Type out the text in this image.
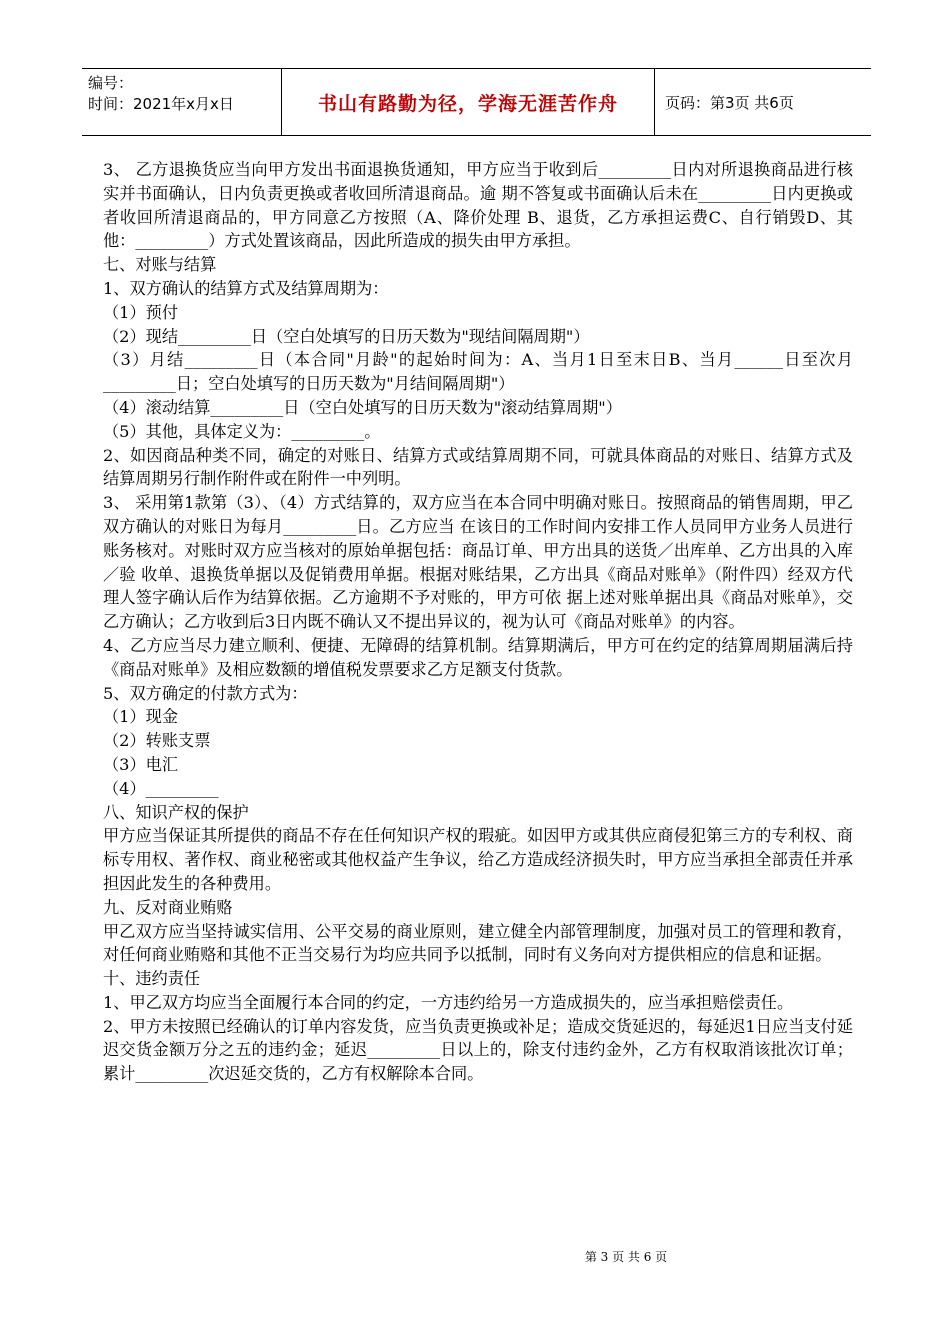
编号：
时间：2021年x月x日	书山有路勤为径，学海无涯苦作舟	页码：第3页 共6页

3、 乙方退换货应当向甲方发出书面退换货通知，甲方应当于收到后_________日内对所退换商品进行核实并书面确认，日内负责更换或者收回所清退商品。逾 期不答复或书面确认后未在_________日内更换或者收回所清退商品的，甲方同意乙方按照（A、降价处理 B、退货，乙方承担运费C、自行销毁D、其 他：_________）方式处置该商品，因此所造成的损失由甲方承担。

七、对账与结算

1、双方确认的结算方式及结算周期为：

（1）预付

（2）现结_________日（空白处填写的日历天数为"现结间隔周期"）

（3）月结_________日（本合同"月龄"的起始时间为：A、当月1日至末日B、当月______日至次月_________日；空白处填写的日历天数为"月结间隔周期"）

（4）滚动结算_________日（空白处填写的日历天数为"滚动结算周期"）

（5）其他，具体定义为：_________。

2、如因商品种类不同，确定的对账日、结算方式或结算周期不同，可就具体商品的对账日、结算方式及结算周期另行制作附件或在附件一中列明。

3、 采用第1款第（3）、（4）方式结算的，双方应当在本合同中明确对账日。按照商品的销售周期，甲乙双方确认的对账日为每月_________日。乙方应当 在该日的工作时间内安排工作人员同甲方业务人员进行账务核对。对账时双方应当核对的原始单据包括：商品订单、甲方出具的送货／出库单、乙方出具的入库／验 收单、退换货单据以及促销费用单据。根据对账结果，乙方出具《商品对账单》（附件四）经双方代理人签字确认后作为结算依据。乙方逾期不予对账的，甲方可依 据上述对账单据出具《商品对账单》，交乙方确认；乙方收到后3日内既不确认又不提出异议的，视为认可《商品对账单》的内容。

4、乙方应当尽力建立顺利、便捷、无障碍的结算机制。结算期满后，甲方可在约定的结算周期届满后持《商品对账单》及相应数额的增值税发票要求乙方足额支付货款。

5、双方确定的付款方式为：

（1）现金

（2）转账支票

（3）电汇

（4）_________

八、知识产权的保护

甲方应当保证其所提供的商品不存在任何知识产权的瑕疵。如因甲方或其供应商侵犯第三方的专利权、商标专用权、著作权、商业秘密或其他权益产生争议，给乙方造成经济损失时，甲方应当承担全部责任并承担因此发生的各种费用。

九、反对商业贿赂

甲乙双方应当坚持诚实信用、公平交易的商业原则，建立健全内部管理制度，加强对员工的管理和教育，对任何商业贿赂和其他不正当交易行为均应共同予以抵制，同时有义务向对方提供相应的信息和证据。

十、违约责任

1、甲乙双方均应当全面履行本合同的约定，一方违约给另一方造成损失的，应当承担赔偿责任。

2、甲方未按照已经确认的订单内容发货，应当负责更换或补足；造成交货延迟的，每延迟1日应当支付延迟交货金额万分之五的违约金；延迟_________日以上的，除支付违约金外，乙方有权取消该批次订单；累计_________次迟延交货的，乙方有权解除本合同。

第 3 页 共 6 页
